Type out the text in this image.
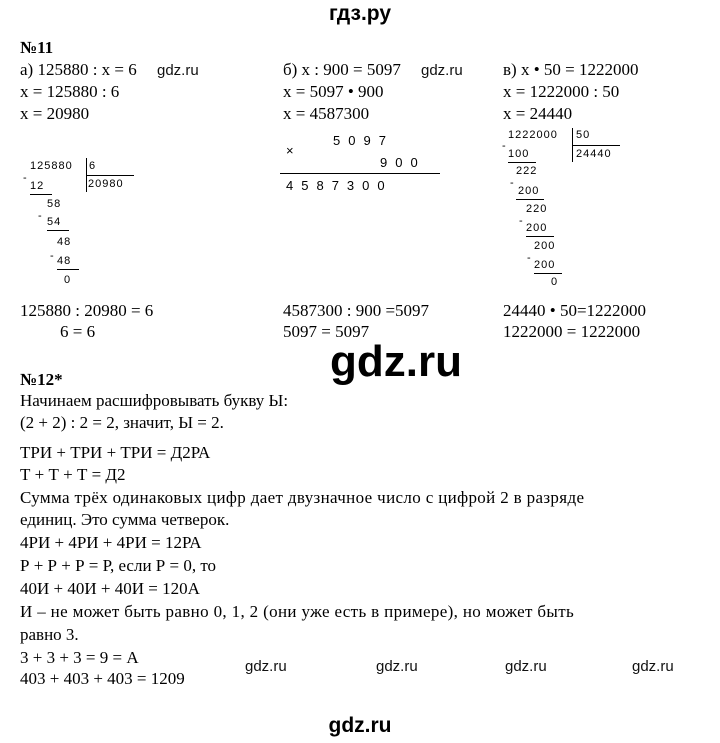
гдз.ру
№11
а) 125880 : х = 6
х = 125880 : 6
х = 20980
125880 6
20980
-
12
58
- 54
48
- 48
0
125880 : 20980 = 6
6 = 6
б) х : 900 = 5097
х = 5097 • 900
х = 4587300
×
5097
900
4587300
4587300 : 900 =5097
5097 = 5097
в) х • 50 = 1222000
х = 1222000 : 50
х = 24440
1222000 50
24440
-
100
222
-
200
220
-
200
200
-
200
0
24440 • 50=1222000
1222000 = 1222000
№12*
Начинаем расшифровывать букву Ы:
(2 + 2) : 2 = 2, значит, Ы = 2.
ТРИ + ТРИ + ТРИ = Д2РА
Т + Т + Т = Д2
Сумма трёх одинаковых цифр дает двузначное число с цифрой 2 в разряде
единиц. Это сумма четверок.
4РИ + 4РИ + 4РИ = 12РА
Р + Р + Р = Р, если Р = 0, то
40И + 40И + 40И = 120А
И – не может быть равно 0, 1, 2 (они уже есть в примере), но может быть
равно 3.
3 + 3 + 3 = 9 = А
403 + 403 + 403 = 1209
gdz.ru	gdz.ru
gdz.ru
gdz.ru	gdz.ru	gdz.ru	gdz.ru
gdz.ru
